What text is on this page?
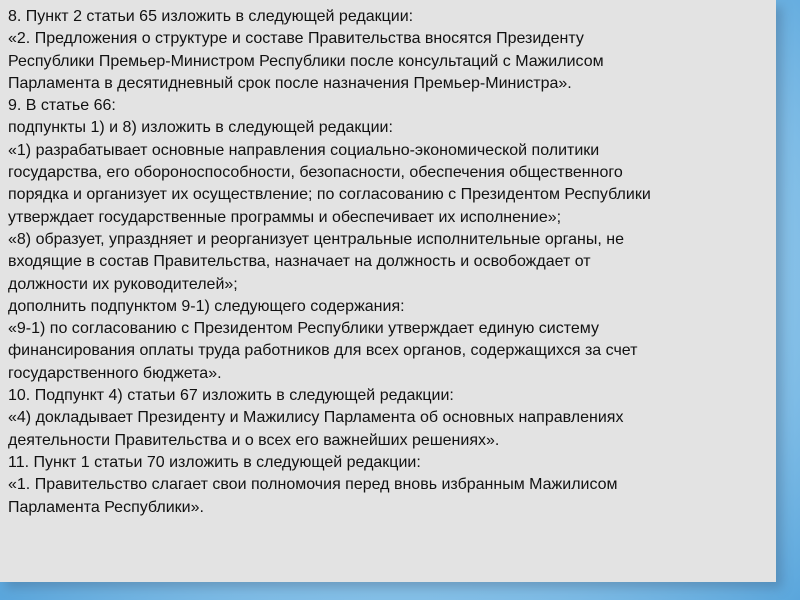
8. Пункт 2 статьи 65 изложить в следующей редакции:
«2. Предложения о структуре и составе Правительства вносятся Президенту
Республики Премьер-Министром Республики после консультаций с Мажилисом
Парламента в десятидневный срок после назначения Премьер-Министра».
9. В статье 66:
подпункты 1) и 8) изложить в следующей редакции:
«1) разрабатывает основные направления социально-экономической политики
государства, его обороноспособности, безопасности, обеспечения общественного
порядка и организует их осуществление; по согласованию с Президентом Республики
утверждает государственные программы и обеспечивает их исполнение»;
«8) образует, упраздняет и реорганизует центральные исполнительные органы, не
входящие в состав Правительства, назначает на должность и освобождает от
должности их руководителей»;
дополнить подпунктом 9-1) следующего содержания:
«9-1) по согласованию с Президентом Республики утверждает единую систему
финансирования оплаты труда работников для всех органов, содержащихся за счет
государственного бюджета».
10. Подпункт 4) статьи 67 изложить в следующей редакции:
«4) докладывает Президенту и Мажилису Парламента об основных направлениях
деятельности Правительства и о всех его важнейших решениях».
11. Пункт 1 статьи 70 изложить в следующей редакции:
«1. Правительство слагает свои полномочия перед вновь избранным Мажилисом
Парламента Республики».
